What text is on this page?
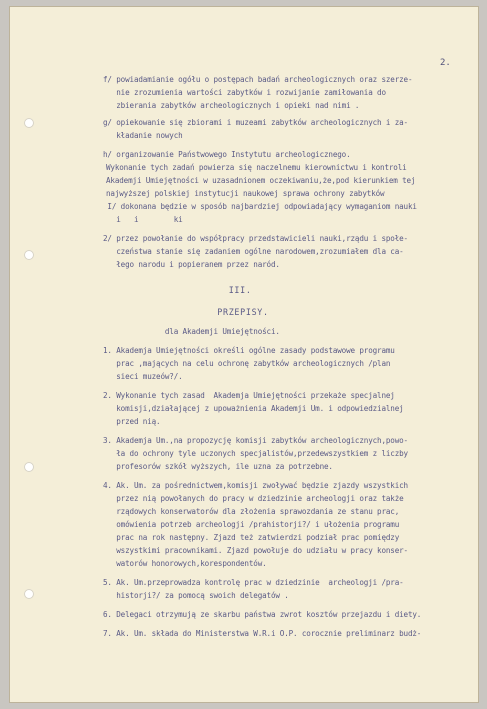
2.
f/ powiadamianie ogółu o postępach badań archeologicznych oraz szerze-
nie zrozumienia wartości zabytków i rozwijanie zamiłowania do
zbierania zabytków archeologicznych i opieki nad nimi .
g/ opiekowanie się zbiorami i muzeami zabytków archeologicznych i za-
kładanie nowych
h/ organizowanie Państwowego Instytutu archeologicznego.
Wykonanie tych zadań powierza się naczelnemu kierownictwu i kontroli
Akademji Umiejętności w uzasadnionem oczekiwaniu,że,pod kierunkiem tej
najwyższej polskiej instytucji naukowej sprawa ochrony zabytków
I/ dokonana będzie w sposób najbardziej odpowiadający wymaganiom nauki
i   i        ki
2/ przez powołanie do współpracy przedstawicieli nauki,rządu i społe-
czeństwa stanie się zadaniem ogólne narodowem,zrozumiałem dla ca-
łego narodu i popieranem przez naród.
III.
PRZEPISY.
dla Akademji Umiejętności.
1. Akademja Umiejętności określi ogólne zasady podstawowe programu
prac ,mających na celu ochronę zabytków archeologicznych /plan
sieci muzeów?/.
2. Wykonanie tych zasad  Akademja Umiejętności przekaże specjalnej
komisji,działającej z upoważnienia Akademji Um. i odpowiedzialnej
przed nią.
3. Akademja Um.,na propozycję komisji zabytków archeologicznych,powo-
ła do ochrony tyle uczonych specjalistów,przedewszystkiem z liczby
profesorów szkół wyższych, ile uzna za potrzebne.
4. Ak. Um. za pośrednictwem,komisji zwoływać będzie zjazdy wszystkich
przez nią powołanych do pracy w dziedzinie archeologji oraz także
rządowych konserwatorów dla złożenia sprawozdania ze stanu prac,
omówienia potrzeb archeologji /prahistorji?/ i ułożenia programu
prac na rok następny. Zjazd też zatwierdzi podział prac pomiędzy
wszystkimi pracownikami. Zjazd powołuje do udziału w pracy konser-
watorów honorowych,korespondentów.
5. Ak. Um.przeprowadza kontrolę prac w dziedzinie  archeologji /pra-
historji?/ za pomocą swoich delegatów .
6. Delegaci otrzymują ze skarbu państwa zwrot kosztów przejazdu i diety.
7. Ak. Um. składa do Ministerstwa W.R.i O.P. corocznie preliminarz budż-
